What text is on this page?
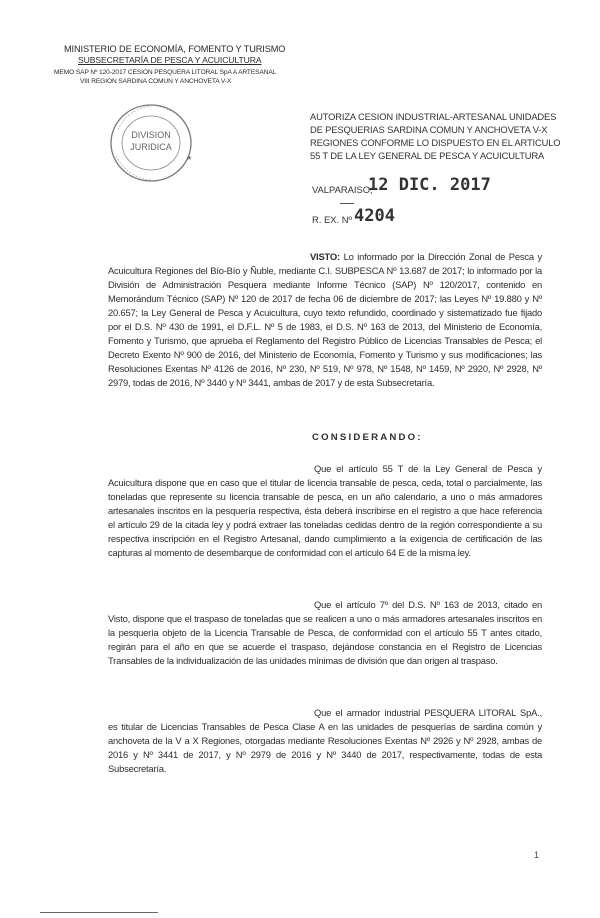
MINISTERIO DE ECONOMÍA, FOMENTO Y TURISMO
SUBSECRETARÍA DE PESCA Y ACUICULTURA
MEMO SAP Nº 120-2017 CESION PESQUERA LITORAL SpA A ARTESANAL
VIII REGION SARDINA COMUN Y ANCHOVETA V-X
DIVISION
JURIDICA
★
AUTORIZA CESION INDUSTRIAL-ARTESANAL UNIDADES
DE PESQUERIAS SARDINA COMUN Y ANCHOVETA V-X
REGIONES CONFORME LO DISPUESTO EN EL ARTICULO
55 T DE LA LEY GENERAL DE PESCA Y ACUICULTURA
VALPARAISO,
12 DIC. 2017
R. EX. Nº 4204

VISTO: Lo informado por la Dirección Zonal de Pesca y Acuicultura Regiones del Bío-Bío y Ñuble, mediante C.I. SUBPESCA Nº 13.687 de 2017; lo informado por la División de Administración Pesquera mediante Informe Técnico (SAP) Nº 120/2017, contenido en Memorándum Técnico (SAP) Nº 120 de 2017 de fecha 06 de diciembre de 2017; las Leyes Nº 19.880 y Nº 20.657; la Ley General de Pesca y Acuicultura, cuyo texto refundido, coordinado y sistematizado fue fijado por el D.S. Nº 430 de 1991, el D.F.L. Nº 5 de 1983, el D.S. Nº 163 de 2013, del Ministerio de Economía, Fomento y Turismo, que aprueba el Reglamento del Registro Público de Licencias Transables de Pesca; el Decreto Exento Nº 900 de 2016, del Ministerio de Economía, Fomento y Turismo y sus modificaciones; las Resoluciones Exentas Nº 4126 de 2016, Nº 230, Nº 519, Nº 978, Nº 1548, Nº 1459, Nº 2920, Nº 2928, Nº 2979, todas de 2016, Nº 3440 y Nº 3441, ambas de 2017 y de esta Subsecretaría.

CONSIDERANDO:

Que el artículo 55 T de la Ley General de Pesca y Acuicultura dispone que en caso que el titular de licencia transable de pesca, ceda, total o parcialmente, las toneladas que represente su licencia transable de pesca, en un año calendario, a uno o más armadores artesanales inscritos en la pesquería respectiva, ésta deberá inscribirse en el registro a que hace referencia el artículo 29 de la citada ley y podrá extraer las toneladas cedidas dentro de la región correspondiente a su respectiva inscripción en el Registro Artesanal, dando cumplimiento a la exigencia de certificación de las capturas al momento de desembarque de conformidad con el artículo 64 E de la misma ley.

Que el artículo 7º del D.S. Nº 163 de 2013, citado en Visto, dispone que el traspaso de toneladas que se realicen a uno o más armadores artesanales inscritos en la pesquería objeto de la Licencia Transable de Pesca, de conformidad con el artículo 55 T antes citado, regirán para el año en que se acuerde el traspaso, dejándose constancia en el Registro de Licencias Transables de la individualización de las unidades mínimas de división que dan origen al traspaso.

Que el armador industrial PESQUERA LITORAL SpA., es titular de Licencias Transables de Pesca Clase A en las unidades de pesquerías de sardina común y anchoveta de la V a X Regiones, otorgadas mediante Resoluciones Exentas Nº 2926 y Nº 2928, ambas de 2016 y Nº 3441 de 2017, y Nº 2979 de 2016 y Nº 3440 de 2017, respectivamente, todas de esta Subsecretaría.

1
